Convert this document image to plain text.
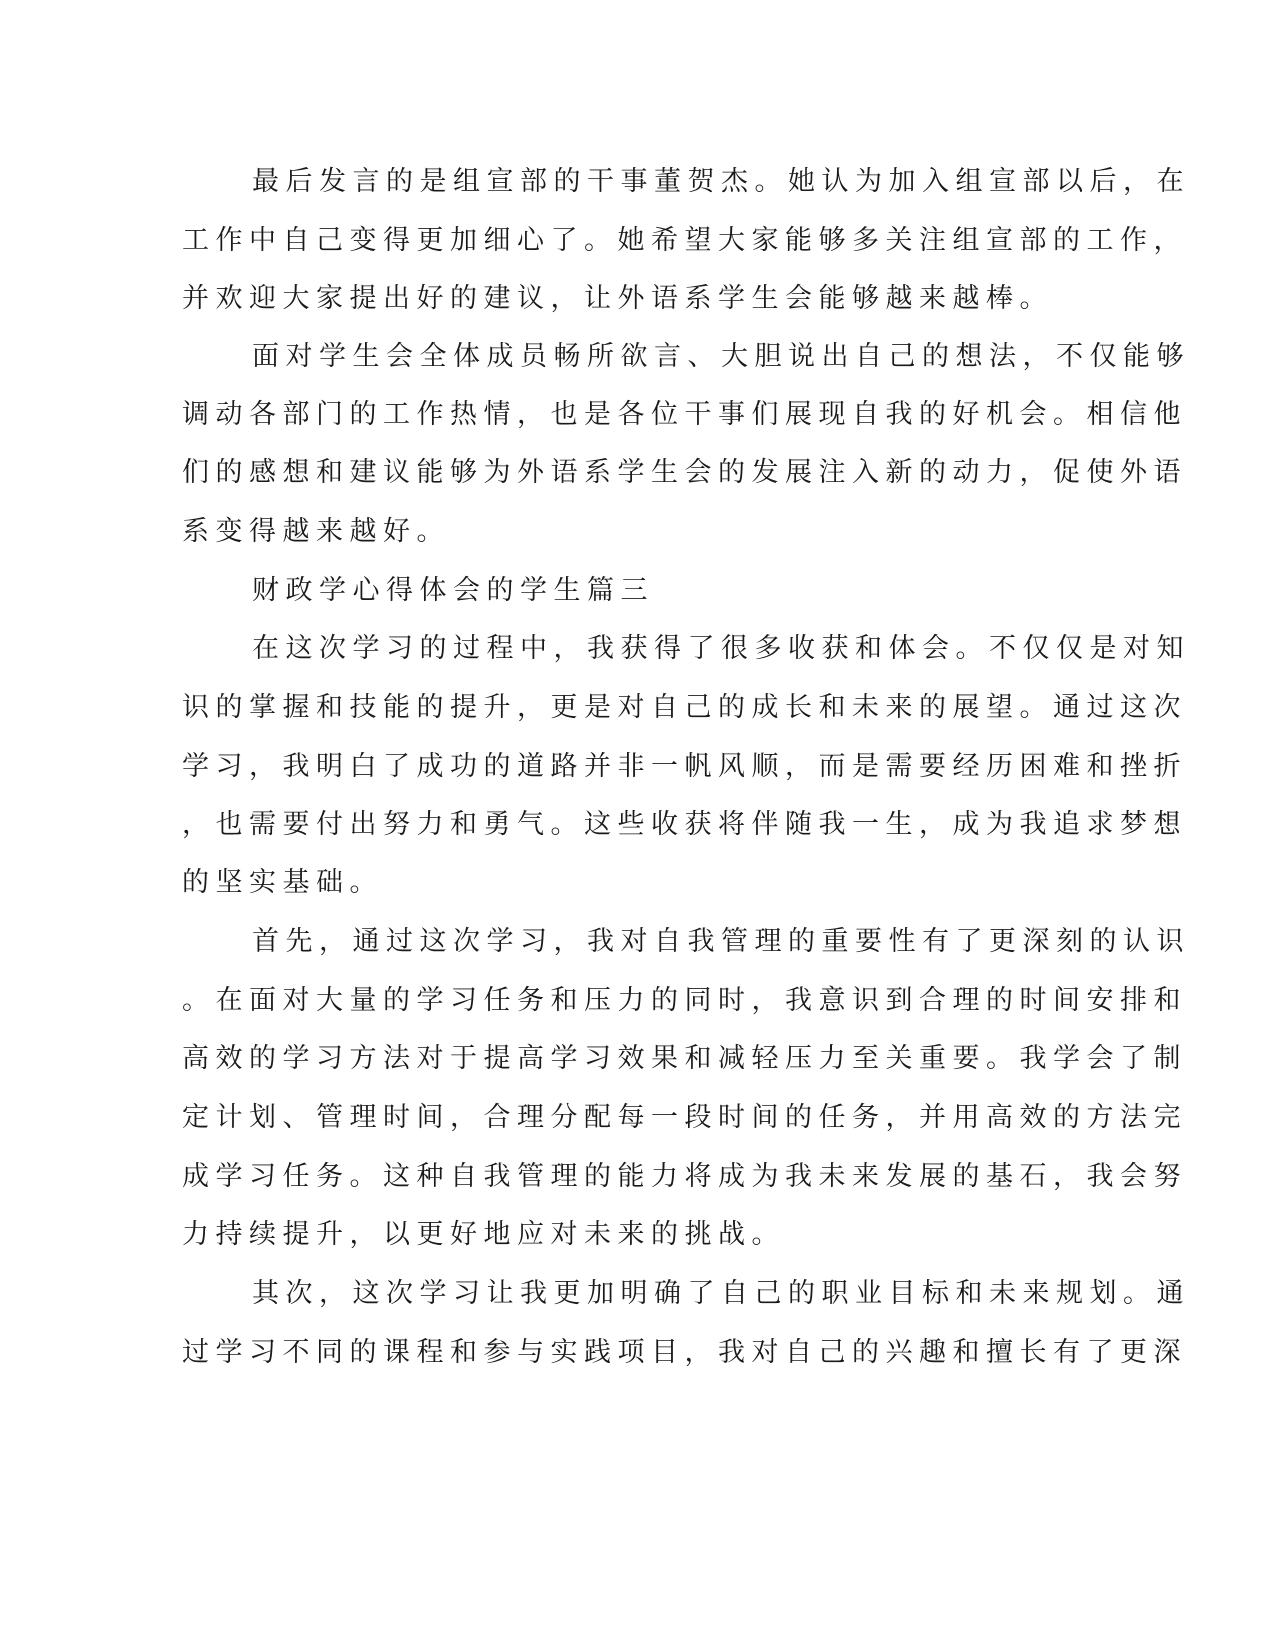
最后发言的是组宣部的干事董贺杰。她认为加入组宣部以后，在
工作中自己变得更加细心了。她希望大家能够多关注组宣部的工作，
并欢迎大家提出好的建议，让外语系学生会能够越来越棒。
面对学生会全体成员畅所欲言、大胆说出自己的想法，不仅能够
调动各部门的工作热情，也是各位干事们展现自我的好机会。相信他
们的感想和建议能够为外语系学生会的发展注入新的动力，促使外语
系变得越来越好。
财政学心得体会的学生篇三
在这次学习的过程中，我获得了很多收获和体会。不仅仅是对知
识的掌握和技能的提升，更是对自己的成长和未来的展望。通过这次
学习，我明白了成功的道路并非一帆风顺，而是需要经历困难和挫折
，也需要付出努力和勇气。这些收获将伴随我一生，成为我追求梦想
的坚实基础。
首先，通过这次学习，我对自我管理的重要性有了更深刻的认识
。在面对大量的学习任务和压力的同时，我意识到合理的时间安排和
高效的学习方法对于提高学习效果和减轻压力至关重要。我学会了制
定计划、管理时间，合理分配每一段时间的任务，并用高效的方法完
成学习任务。这种自我管理的能力将成为我未来发展的基石，我会努
力持续提升，以更好地应对未来的挑战。
其次，这次学习让我更加明确了自己的职业目标和未来规划。通
过学习不同的课程和参与实践项目，我对自己的兴趣和擅长有了更深
